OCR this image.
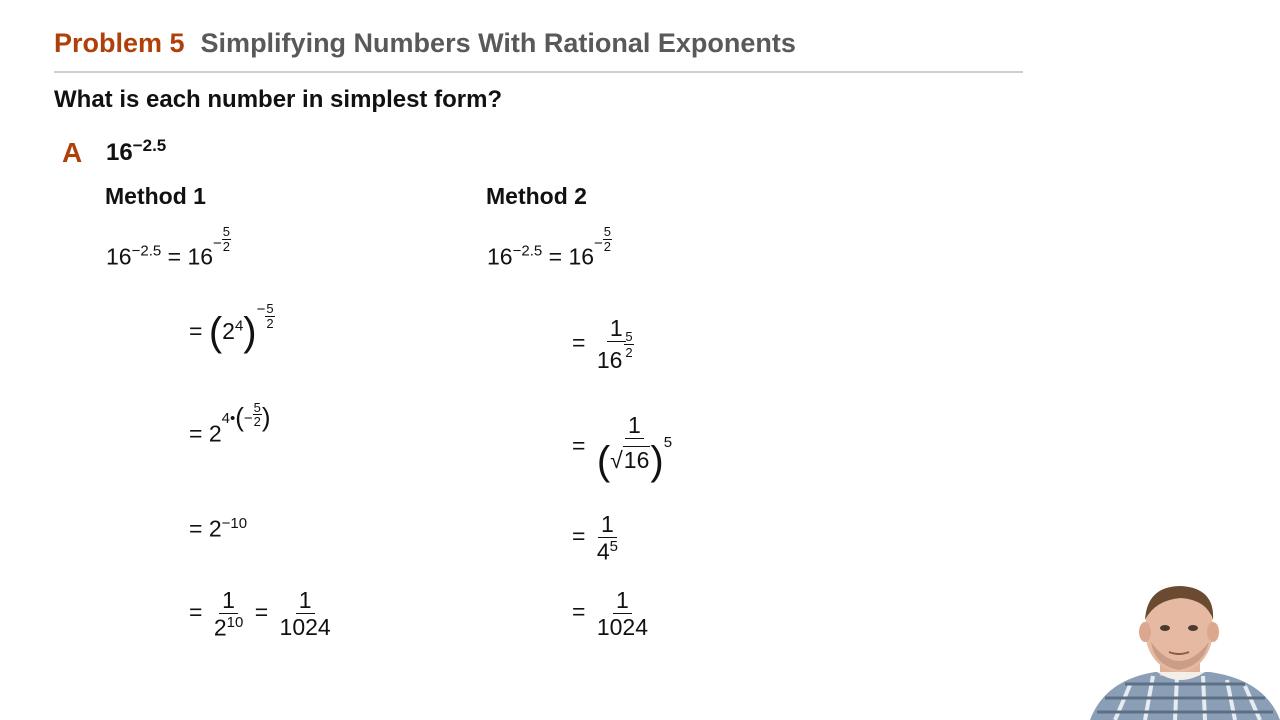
Problem 5 Simplifying Numbers With Rational Exponents
What is each number in simplest form?
A $16^{-2.5}$
Method 1	Method 2
$16^{-2.5} = 16^{- \frac{5}{2}}$
= $(2^4)^{- \frac{5}{2}}$
= $2^{4•(- \frac{5}{2} )}$
= $2^{-10}$
= $\frac{1}{2^{10}} = \frac{1}{1024}$
$16^{-2.5} = 16^{- \frac{5}{2}}$
= 1
16
$^{\frac{5}{2}}$
= $\frac{1}{(√16)^5}$
= $\frac{1}{4^5}$
= $\frac{1}{1024}$
